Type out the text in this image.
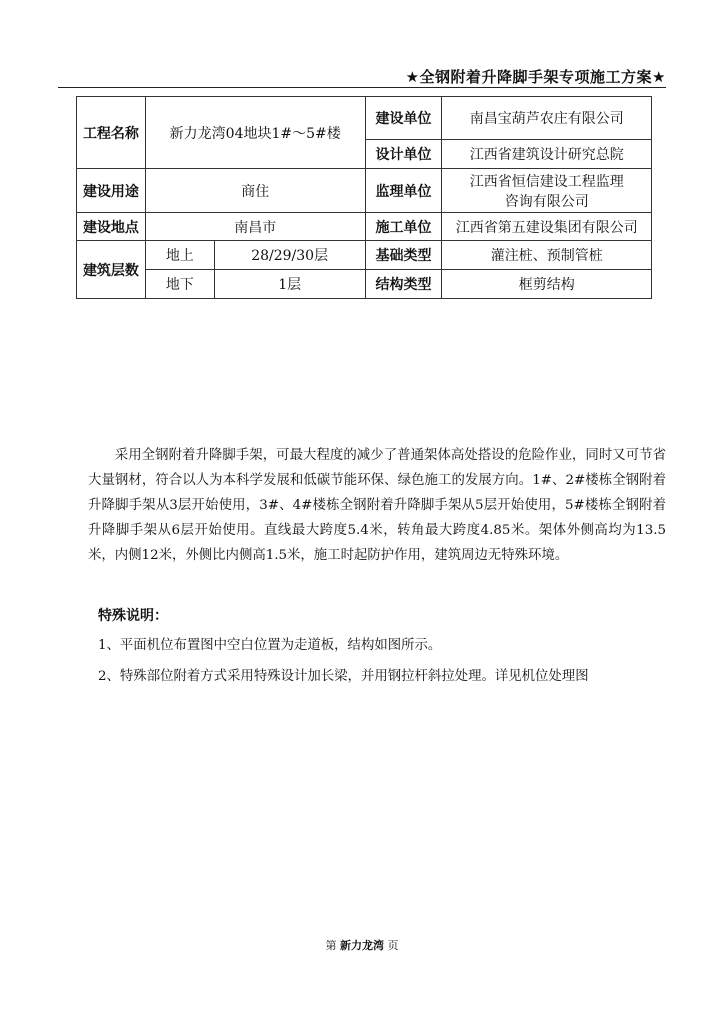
★全钢附着升降脚手架专项施工方案★
工程名称	新力龙湾04地块1#～5#楼		建设单位	南昌宝葫芦农庄有限公司
			设计单位	江西省建筑设计研究总院
建设用途	商住		监理单位	江西省恒信建设工程监理
咨询有限公司

建设地点	南昌市		施工单位	江西省第五建设集团有限公司
建筑层数	地上	28/29/30层	基础类型	灌注桩、预制管桩
	地下	1层	结构类型	框剪结构

采用全钢附着升降脚手架，可最大程度的减少了普通架体高处搭设的危险作业，同时又可节省大量钢材，符合以人为本科学发展和低碳节能环保、绿色施工的发展方向。1#、2#楼栋全钢附着升降脚手架从3层开始使用，3#、4#楼栋全钢附着升降脚手架从5层开始使用，5#楼栋全钢附着升降脚手架从6层开始使用。直线最大跨度5.4米，转角最大跨度4.85米。架体外侧高均为13.5米，内侧12米，外侧比内侧高1.5米，施工时起防护作用，建筑周边无特殊环境。

特殊说明：
1、平面机位布置图中空白位置为走道板，结构如图所示。
2、特殊部位附着方式采用特殊设计加长梁，并用钢拉杆斜拉处理。详见机位处理图
第 新力龙湾 页
